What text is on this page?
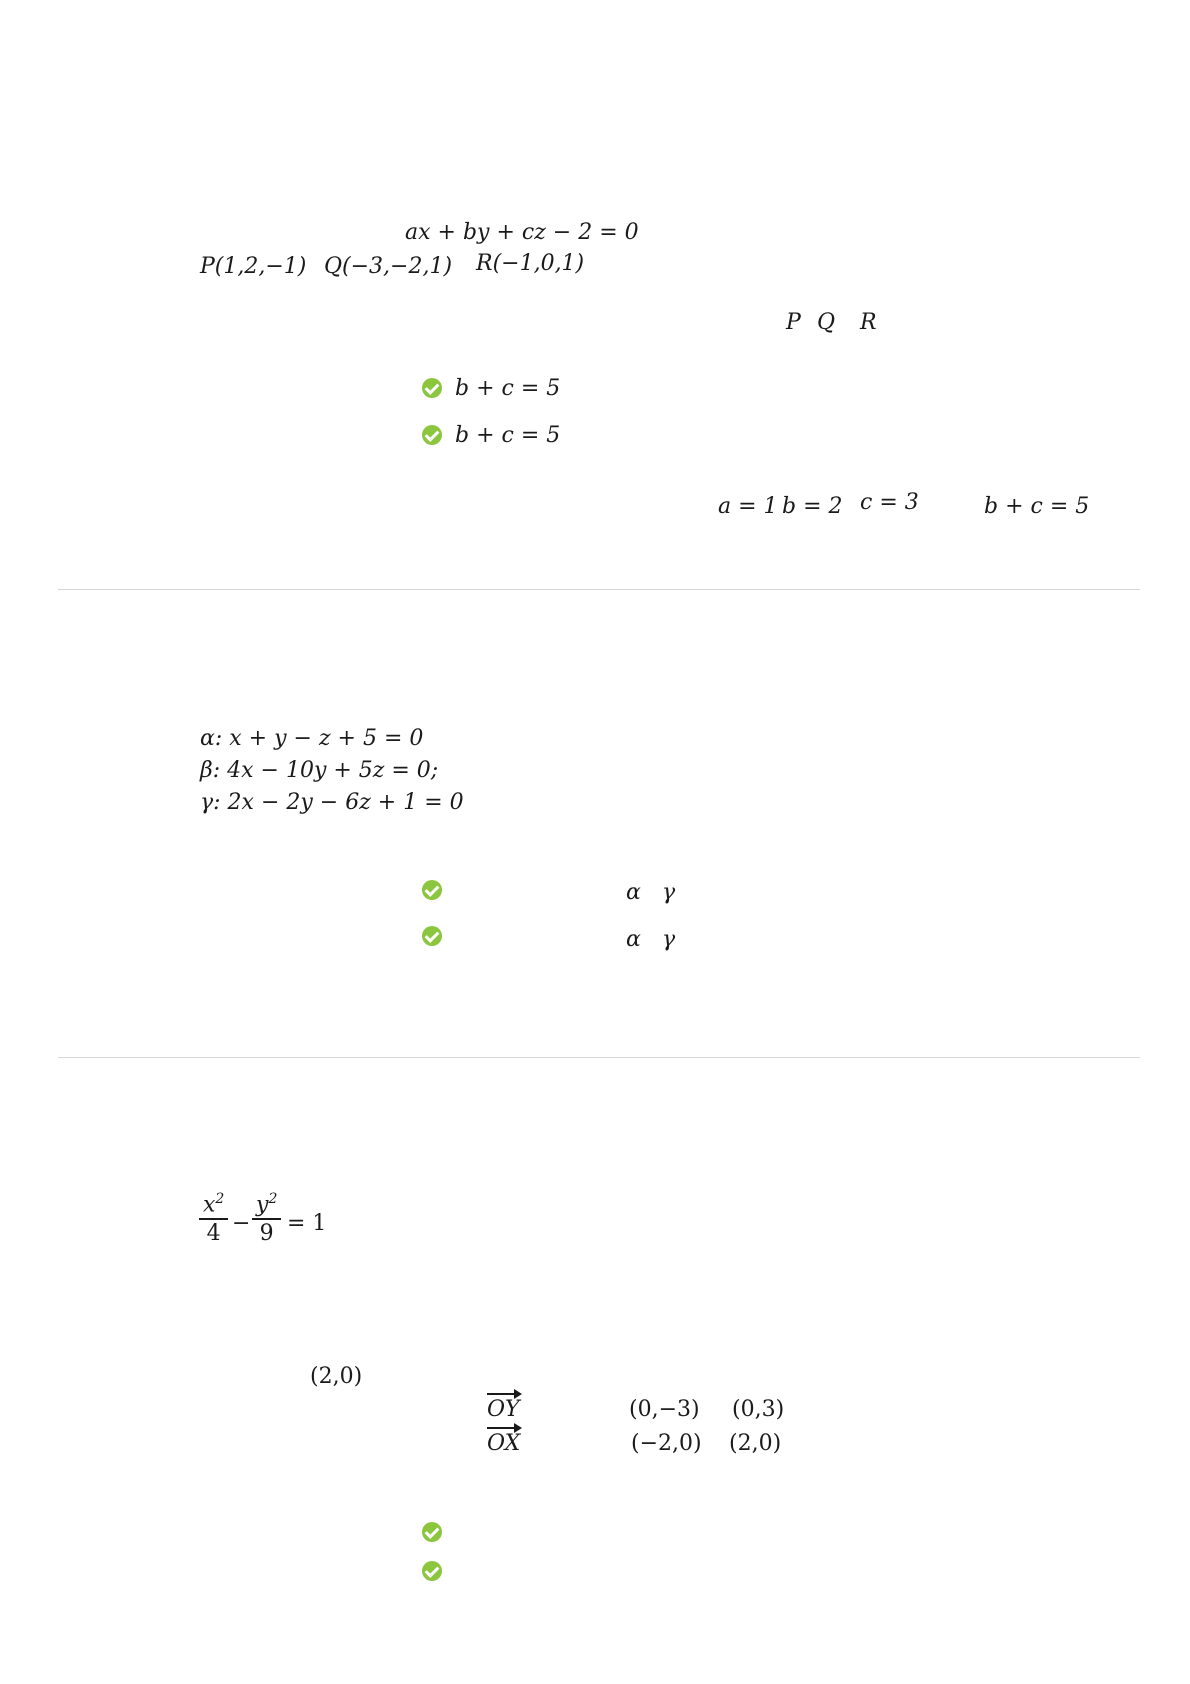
ax + by + cz − 2 = 0
P(1,2,−1) Q(−3,−2,1) R(−1,0,1)
P Q R
b + c = 5
b + c = 5
a = 1 b = 2 c = 3	b + c = 5
α: x + y − z + 5 = 0
β: 4x − 10y + 5z = 0;
γ: 2x − 2y − 6z + 1 = 0
α γ
α γ
$x^2$
4 −
$y^2$
9 = 1
(2,0)
OY	(0,−3) (0,3)
OX	(−2,0) (2,0)
